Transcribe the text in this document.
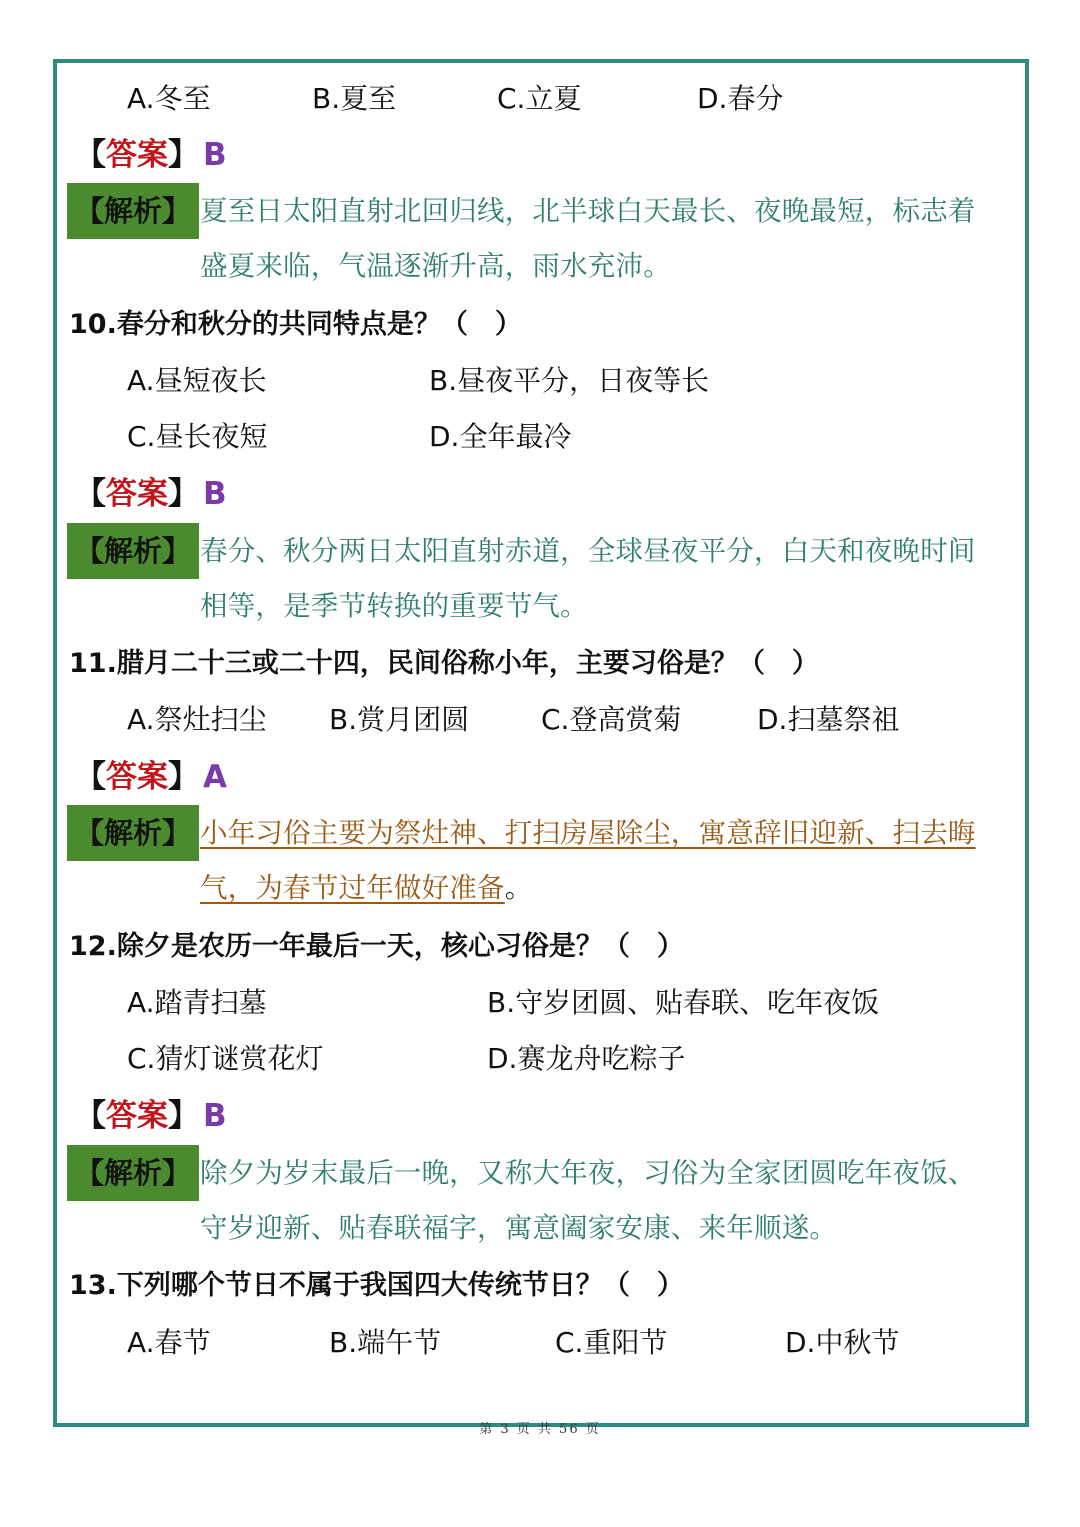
A.冬至	B.夏至	C.立夏	D.春分
【答案】 B
【解析】 夏至日太阳直射北回归线，北半球白天最长、夜晚最短，标志着
盛夏来临，气温逐渐升高，雨水充沛。
10.春分和秋分的共同特点是？（　）
A.昼短夜长	B.昼夜平分，日夜等长
C.昼长夜短	D.全年最冷
【答案】 B
【解析】 春分、秋分两日太阳直射赤道，全球昼夜平分，白天和夜晚时间
相等，是季节转换的重要节气。
11.腊月二十三或二十四，民间俗称小年，主要习俗是？（　）
A.祭灶扫尘 B.赏月团圆	C.登高赏菊	D.扫墓祭祖
【答案】 A
【解析】 小年习俗主要为祭灶神、打扫房屋除尘，寓意辞旧迎新、扫去晦
气，为春节过年做好准备。
12.除夕是农历一年最后一天，核心习俗是？（　）
A.踏青扫墓	B.守岁团圆、贴春联、吃年夜饭
C.猜灯谜赏花灯	D.赛龙舟吃粽子
【答案】 B
【解析】 除夕为岁末最后一晚，又称大年夜，习俗为全家团圆吃年夜饭、
守岁迎新、贴春联福字，寓意阖家安康、来年顺遂。
13.下列哪个节日不属于我国四大传统节日？（　）
A.春节	B.端午节	C.重阳节	D.中秋节
第 3 页 共 56 页
